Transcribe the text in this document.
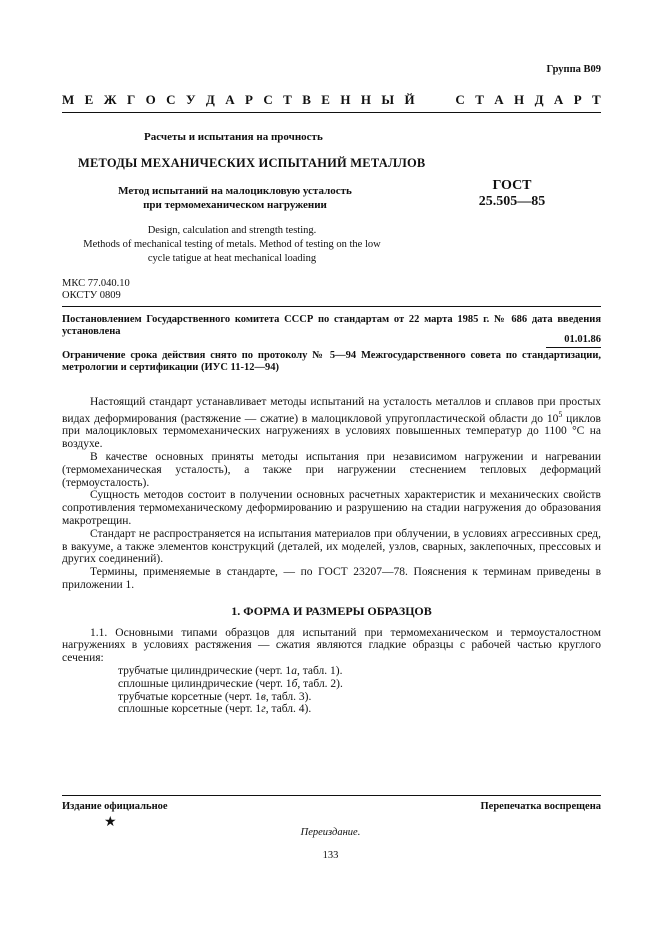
Группа В09
М Е Ж Г О С У Д А Р С Т В Е Н Н Ы Й	С Т А Н Д А Р Т
Расчеты и испытания на прочность
МЕТОДЫ МЕХАНИЧЕСКИХ ИСПЫТАНИЙ МЕТАЛЛОВ
Метод испытаний на малоцикловую усталость
при термомеханическом нагружении
ГОСТ
25.505—85
Design, calculation and strength testing.
Methods of mechanical testing of metals. Method of testing on the low
cycle tatigue at heat mechanical loading
МКС 77.040.10
ОКСТУ 0809
Постановлением Государственного комитета СССР по стандартам от 22 марта 1985 г. № 686 дата введения установлена
01.01.86
Ограничение срока действия снято по протоколу № 5—94 Межгосударственного совета по стандартизации, метрологии и сертификации (ИУС 11-12—94)

Настоящий стандарт устанавливает методы испытаний на усталость металлов и сплавов при простых видах деформирования (растяжение — сжатие) в малоцикловой упругопластической области до $10^5$ циклов при малоцикловых термомеханических нагружениях в условиях повышенных температур до 1100 °С на воздухе.

В качестве основных приняты методы испытания при независимом нагружении и нагревании (термомеханическая усталость), а также при нагружении стеснением тепловых деформаций (термоусталость).

Сущность методов состоит в получении основных расчетных характеристик и механических свойств сопротивления термомеханическому деформированию и разрушению на стадии нагружения до образования макротрещин.

Стандарт не распространяется на испытания материалов при облучении, в условиях агрессивных сред, в вакууме, а также элементов конструкций (деталей, их моделей, узлов, сварных, заклепочных, прессовых и других соединений).

Термины, применяемые в стандарте, — по ГОСТ 23207—78. Пояснения к терминам приведены в приложении 1.

1. ФОРМА И РАЗМЕРЫ ОБРАЗЦОВ

1.1. Основными типами образцов для испытаний при термомеханическом и термоусталостном нагружениях в условиях растяжения — сжатия являются гладкие образцы с рабочей частью круглого сечения:

трубчатые цилиндрические (черт. 1а, табл. 1).

сплошные цилиндрические (черт. 1б, табл. 2).

трубчатые корсетные (черт. 1в, табл. 3).

сплошные корсетные (черт. 1г, табл. 4).

Издание официальное	Перепечатка воспрещена
★
Переиздание.
133
